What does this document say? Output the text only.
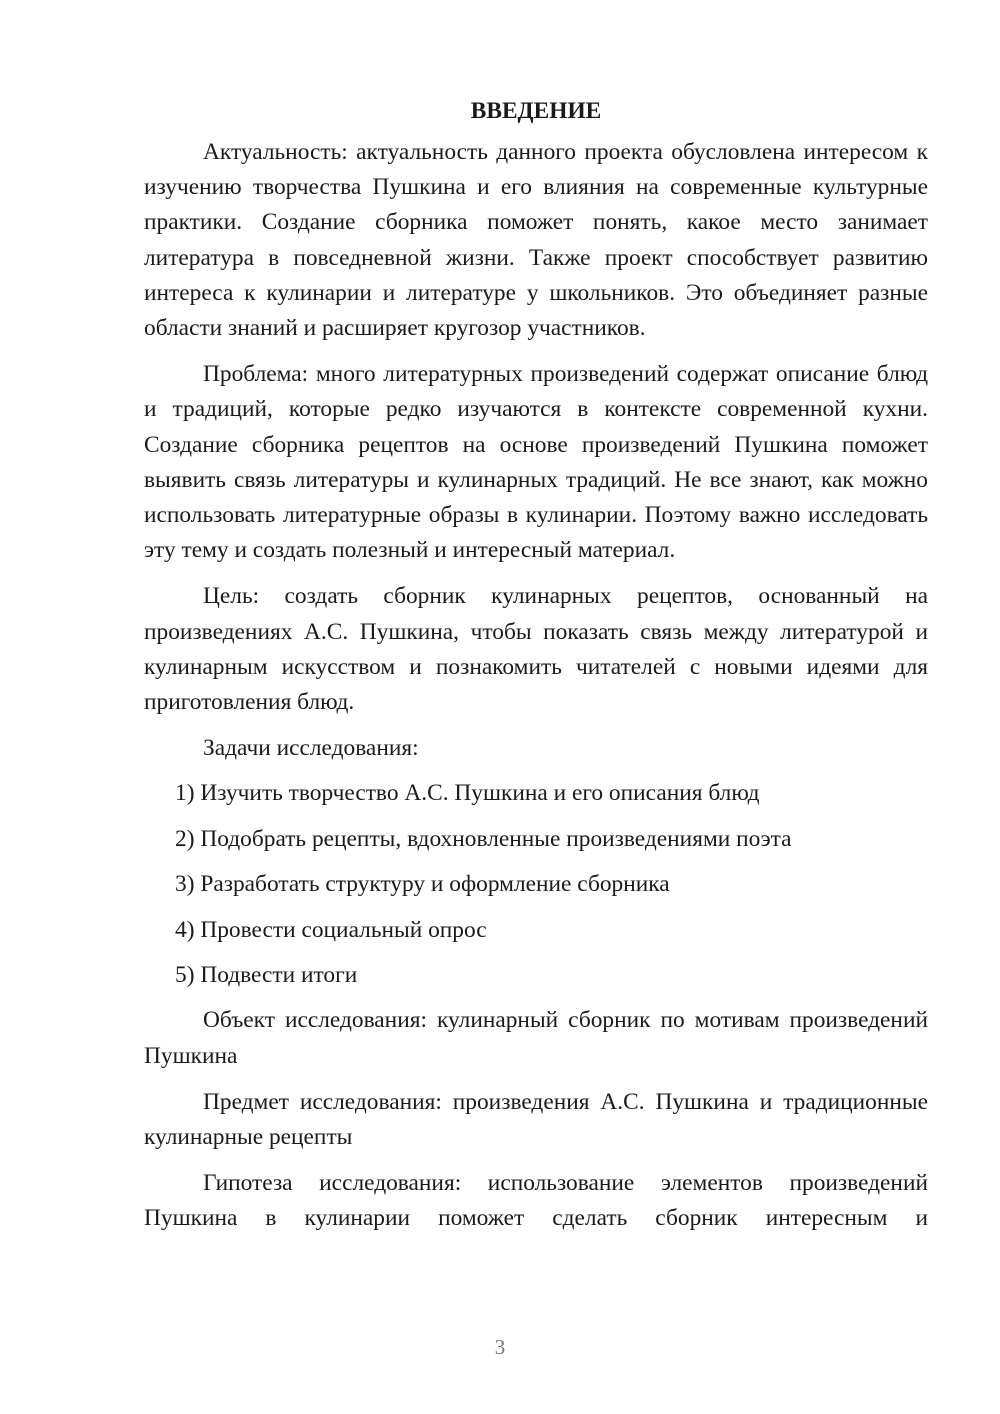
ВВЕДЕНИЕ

Актуальность: актуальность данного проекта обусловлена интересом к изучению творчества Пушкина и его влияния на современные культурные практики. Создание сборника поможет понять, какое место занимает литература в повседневной жизни. Также проект способствует развитию интереса к кулинарии и литературе у школьников. Это объединяет разные области знаний и расширяет кругозор участников.

Проблема: много литературных произведений содержат описание блюд и традиций, которые редко изучаются в контексте современной кухни. Создание сборника рецептов на основе произведений Пушкина поможет выявить связь литературы и кулинарных традиций. Не все знают, как можно использовать литературные образы в кулинарии. Поэтому важно исследовать эту тему и создать полезный и интересный материал.

Цель: создать сборник кулинарных рецептов, основанный на произведениях А.С. Пушкина, чтобы показать связь между литературой и кулинарным искусством и познакомить читателей с новыми идеями для приготовления блюд.

Задачи исследования:

1) Изучить творчество А.С. Пушкина и его описания блюд

2) Подобрать рецепты, вдохновленные произведениями поэта

3) Разработать структуру и оформление сборника

4) Провести социальный опрос

5) Подвести итоги

Объект исследования: кулинарный сборник по мотивам произведений Пушкина

Предмет исследования: произведения А.С. Пушкина и традиционные кулинарные рецепты

Гипотеза исследования: использование элементов произведений Пушкина в кулинарии поможет сделать сборник интересным и

3
